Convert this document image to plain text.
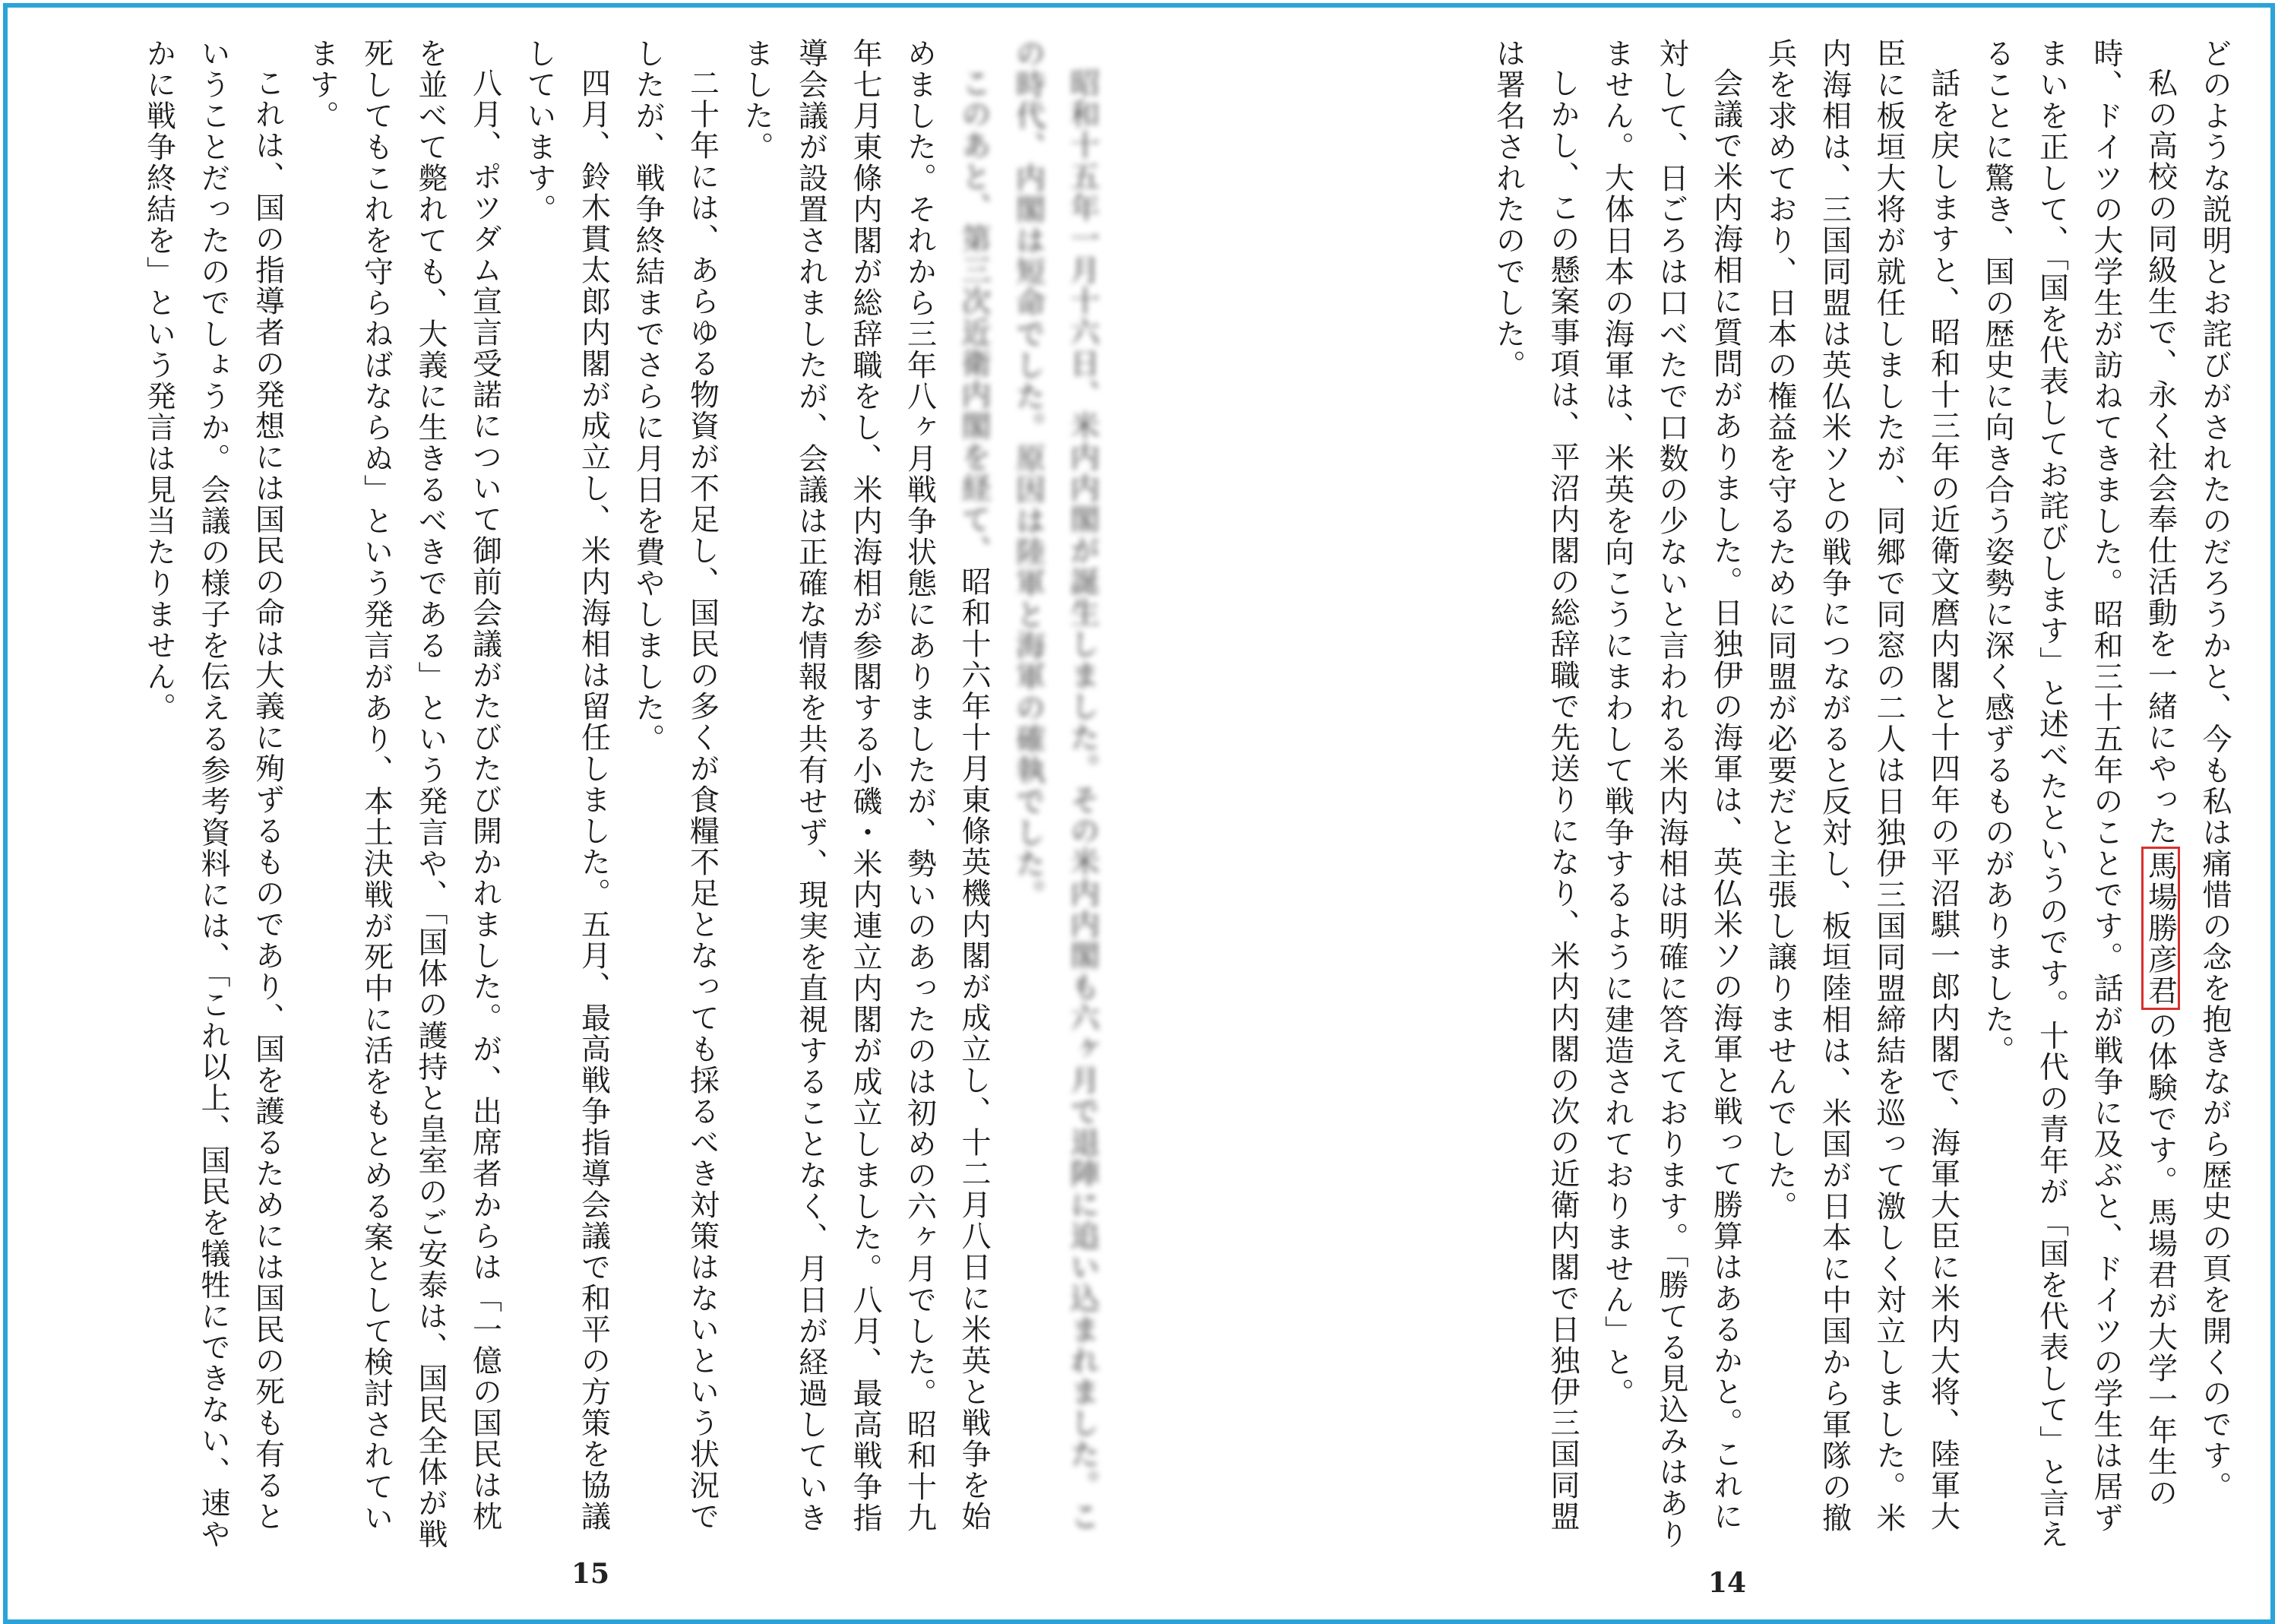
昭和十五年一月十六日、米内内閣が誕生しました。その米内内閣も六ヶ月で退陣に追い込まれました。この時代、内閣は短命でした。原因は陸軍と海軍の確執でした。

このあと、第三次近衛内閣を経て、昭和十六年十月東條英機内閣が成立し、十二月八日に米英と戦争を始めました。それから三年八ヶ月戦争状態にありましたが、勢いのあったのは初めの六ヶ月でした。昭和十九年七月東條内閣が総辞職をし、米内海相が参閣する小磯・米内連立内閣が成立しました。八月、最高戦争指導会議が設置されましたが、会議は正確な情報を共有せず、現実を直視することなく、月日が経過していきました。

二十年には、あらゆる物資が不足し、国民の多くが食糧不足となっても採るべき対策はないという状況でしたが、戦争終結までさらに月日を費やしました。

四月、鈴木貫太郎内閣が成立し、米内海相は留任しました。五月、最高戦争指導会議で和平の方策を協議しています。

八月、ポツダム宣言受諾について御前会議がたびたび開かれました。が、出席者からは「一億の国民は枕を並べて斃れても、大義に生きるべきである」という発言や、「国体の護持と皇室のご安泰は、国民全体が戦死してもこれを守らねばならぬ」という発言があり、本土決戦が死中に活をもとめる案として検討されています。

これは、国の指導者の発想には国民の命は大義に殉ずるものであり、国を護るためには国民の死も有るということだったのでしょうか。会議の様子を伝える参考資料には、「これ以上、国民を犠牲にできない、速やかに戦争終結を」という発言は見当たりません。	どのような説明とお詫びがされたのだろうかと、今も私は痛惜の念を抱きながら歴史の頁を開くのです。

私の高校の同級生で、永く社会奉仕活動を一緒にやった馬場勝彦君の体験です。馬場君が大学一年生の時、ドイツの大学生が訪ねてきました。昭和三十五年のことです。話が戦争に及ぶと、ドイツの学生は居ずまいを正して、「国を代表してお詫びします」と述べたというのです。十代の青年が「国を代表して」と言えることに驚き、国の歴史に向き合う姿勢に深く感ずるものがありました。

話を戻しますと、昭和十三年の近衛文麿内閣と十四年の平沼騏一郎内閣で、海軍大臣に米内大将、陸軍大臣に板垣大将が就任しましたが、同郷で同窓の二人は日独伊三国同盟締結を巡って激しく対立しました。米内海相は、三国同盟は英仏米ソとの戦争につながると反対し、板垣陸相は、米国が日本に中国から軍隊の撤兵を求めており、日本の権益を守るために同盟が必要だと主張し譲りませんでした。

会議で米内海相に質問がありました。日独伊の海軍は、英仏米ソの海軍と戦って勝算はあるかと。これに対して、日ごろは口べたで口数の少ないと言われる米内海相は明確に答えております。「勝てる見込みはありません。大体日本の海軍は、米英を向こうにまわして戦争するように建造されておりません」と。

しかし、この懸案事項は、平沼内閣の総辞職で先送りになり、米内内閣の次の近衛内閣で日独伊三国同盟は署名されたのでした。

15	14
